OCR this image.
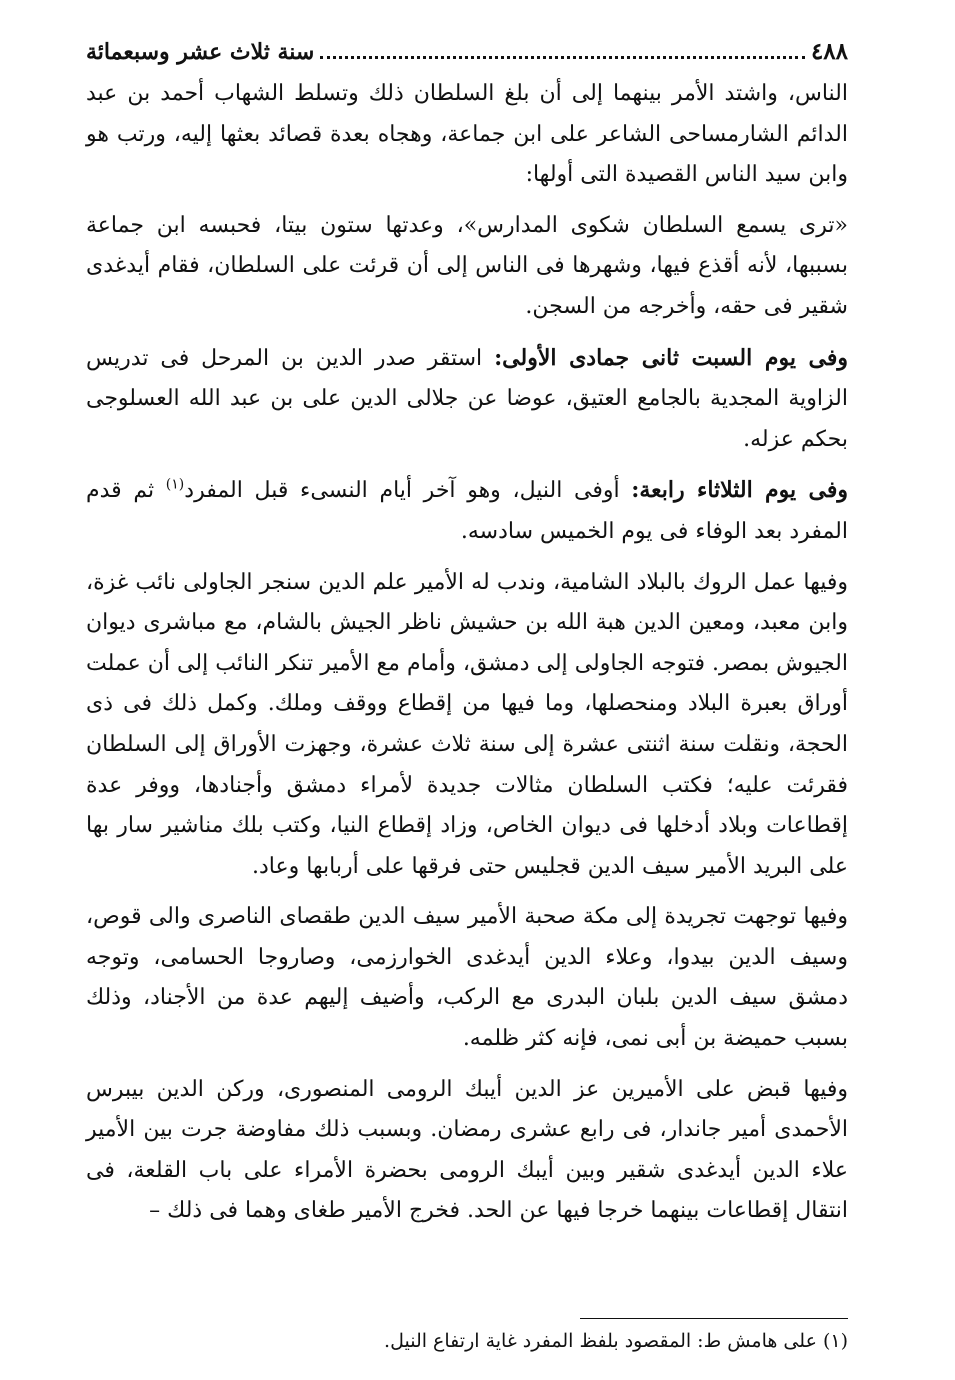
٤٨٨
سنة ثلاث عشر وسبعمائة

الناس، واشتد الأمر بينهما إلى أن بلغ السلطان ذلك وتسلط الشهاب أحمد بن عبد الدائم الشارمساحى الشاعر على ابن جماعة، وهجاه بعدة قصائد بعثها إليه، ورتب هو وابن سيد الناس القصيدة التى أولها:

«ترى يسمع السلطان شكوى المدارس»، وعدتها ستون بيتا، فحبسه ابن جماعة بسببها، لأنه أقذع فيها، وشهرها فى الناس إلى أن قرئت على السلطان، فقام أيدغدى شقير فى حقه، وأخرجه من السجن.

وفى يوم السبت ثانى جمادى الأولى: استقر صدر الدين بن المرحل فى تدريس الزاوية المجدية بالجامع العتيق، عوضا عن جلالى الدين على بن عبد الله العسلوجى بحكم عزله.

وفى يوم الثلاثاء رابعة: أوفى النيل، وهو آخر أيام النسىء قبل المفرد$^{(١)}$ ثم قدم المفرد بعد الوفاء فى يوم الخميس سادسه.

وفيها عمل الروك بالبلاد الشامية، وندب له الأمير علم الدين سنجر الجاولى نائب غزة، وابن معبد، ومعين الدين هبة الله بن حشيش ناظر الجيش بالشام، مع مباشرى ديوان الجيوش بمصر. فتوجه الجاولى إلى دمشق، وأمام مع الأمير تنكر النائب إلى أن عملت أوراق بعبرة البلاد ومنحصلها، وما فيها من إقطاع ووقف وملك. وكمل ذلك فى ذى الحجة، ونقلت سنة اثنتى عشرة إلى سنة ثلاث عشرة، وجهزت الأوراق إلى السلطان فقرئت عليه؛ فكتب السلطان مثالات جديدة لأمراء دمشق وأجنادها، ووفر عدة إقطاعات وبلاد أدخلها فى ديوان الخاص، وزاد إقطاع النيا، وكتب بلك مناشير سار بها على البريد الأمير سيف الدين قجليس حتى فرقها على أربابها وعاد.

وفيها توجهت تجريدة إلى مكة صحبة الأمير سيف الدين طقصاى الناصرى والى قوص، وسيف الدين بيدوا، وعلاء الدين أيدغدى الخوارزمى، وصاروجا الحسامى، وتوجه دمشق سيف الدين بلبان البدرى مع الركب، وأضيف إليهم عدة من الأجناد، وذلك بسبب حميضة بن أبى نمى، فإنه كثر ظلمه.

وفيها قبض على الأميرين عز الدين أيبك الرومى المنصورى، وركن الدين بيبرس الأحمدى أمير جاندار، فى رابع عشرى رمضان. وبسبب ذلك مفاوضة جرت بين الأمير علاء الدين أيدغدى شقير وبين أيبك الرومى بحضرة الأمراء على باب القلعة، فى انتقال إقطاعات بينهما خرجا فيها عن الحد. فخرج الأمير طغاى وهما فى ذلك –

(١) على هامش ط: المقصود بلفظ المفرد غاية ارتفاع النيل.
